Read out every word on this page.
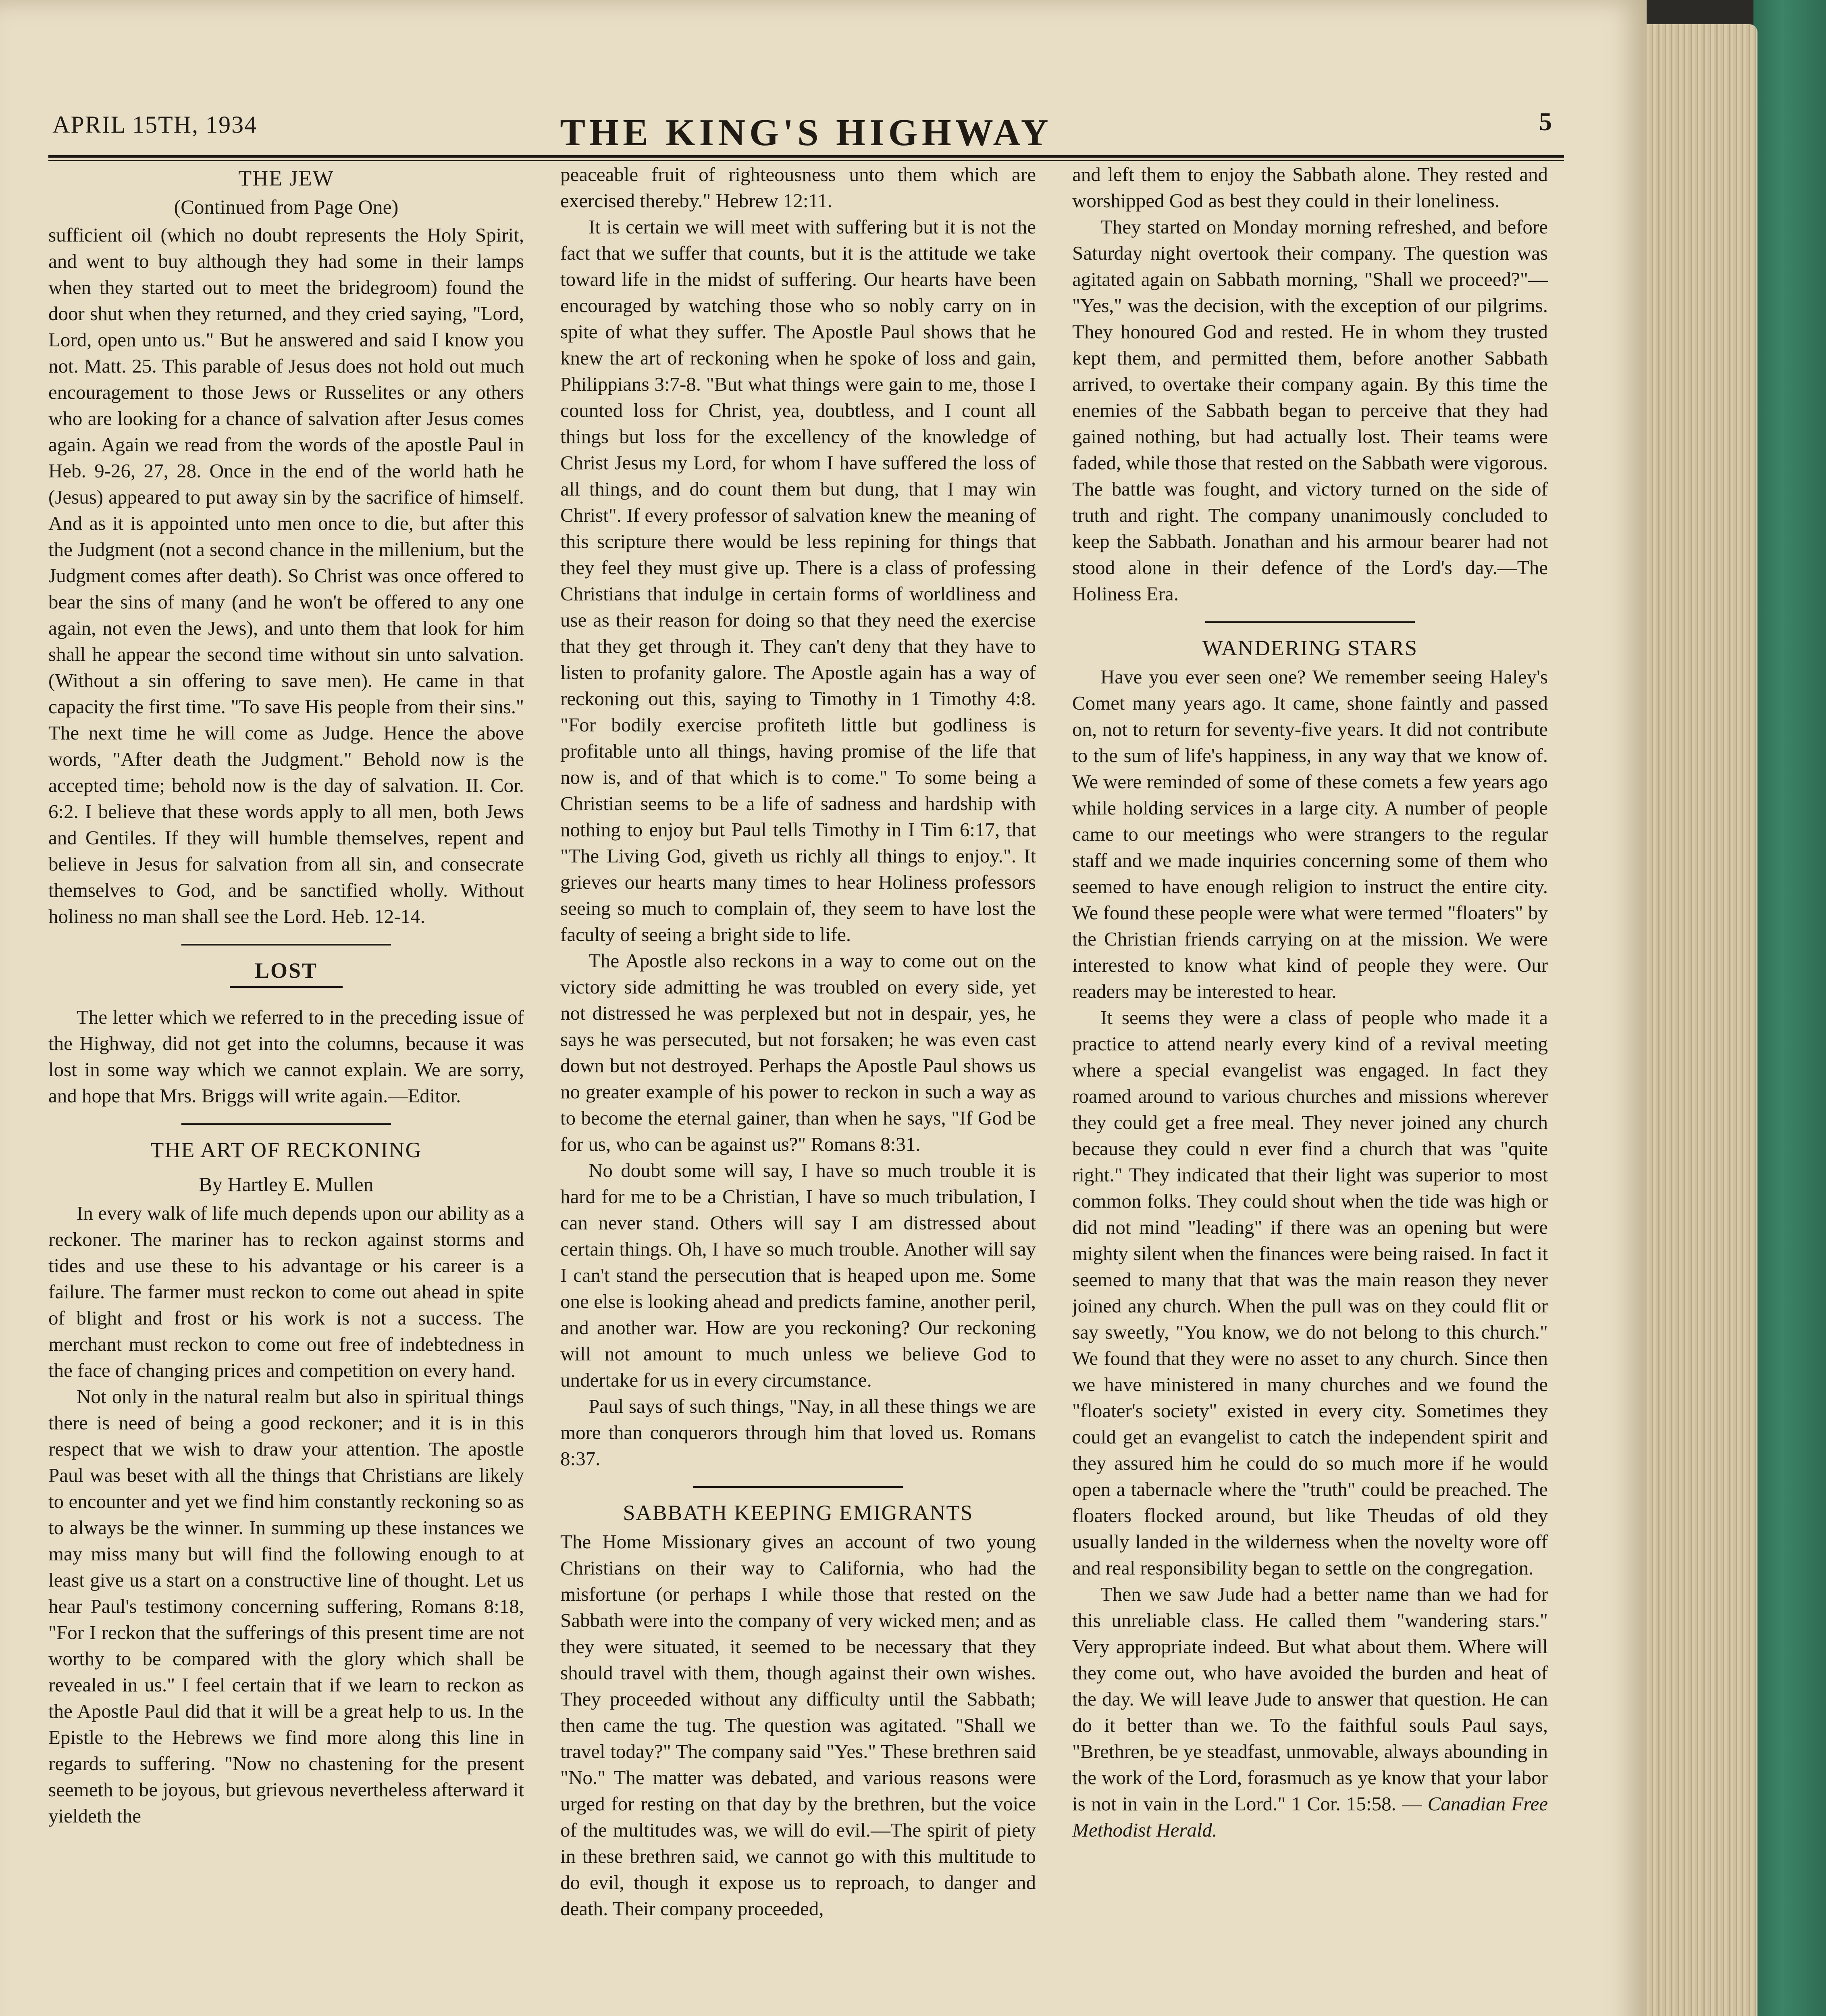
APRIL 15TH, 1934	THE KING'S HIGHWAY	5
THE JEW
(Continued from Page One)

sufficient oil (which no doubt represents the Holy Spirit, and went to buy although they had some in their lamps when they started out to meet the bridegroom) found the door shut when they returned, and they cried saying, "Lord, Lord, open unto us." But he answered and said I know you not. Matt. 25. This parable of Jesus does not hold out much encouragement to those Jews or Russelites or any others who are looking for a chance of salvation after Jesus comes again. Again we read from the words of the apostle Paul in Heb. 9-26, 27, 28. Once in the end of the world hath he (Jesus) appeared to put away sin by the sacrifice of himself. And as it is appointed unto men once to die, but after this the Judgment (not a second chance in the millenium, but the Judgment comes after death). So Christ was once offered to bear the sins of many (and he won't be offered to any one again, not even the Jews), and unto them that look for him shall he appear the second time without sin unto salvation. (Without a sin offering to save men). He came in that capacity the first time. "To save His people from their sins." The next time he will come as Judge. Hence the above words, "After death the Judgment." Behold now is the accepted time; behold now is the day of salvation. II. Cor. 6:2. I believe that these words apply to all men, both Jews and Gentiles. If they will humble themselves, repent and believe in Jesus for salvation from all sin, and consecrate themselves to God, and be sanctified wholly. Without holiness no man shall see the Lord. Heb. 12-14.

LOST

The letter which we referred to in the preceding issue of the Highway, did not get into the columns, because it was lost in some way which we cannot explain. We are sorry, and hope that Mrs. Briggs will write again.—Editor.

THE ART OF RECKONING
By Hartley E. Mullen

In every walk of life much depends upon our ability as a reckoner. The mariner has to reckon against storms and tides and use these to his advantage or his career is a failure. The farmer must reckon to come out ahead in spite of blight and frost or his work is not a success. The merchant must reckon to come out free of indebtedness in the face of changing prices and competition on every hand.

Not only in the natural realm but also in spiritual things there is need of being a good reckoner; and it is in this respect that we wish to draw your attention. The apostle Paul was beset with all the things that Christians are likely to encounter and yet we find him constantly reckoning so as to always be the winner. In summing up these instances we may miss many but will find the following enough to at least give us a start on a constructive line of thought. Let us hear Paul's testimony concerning suffering, Romans 8:18, "For I reckon that the sufferings of this present time are not worthy to be compared with the glory which shall be revealed in us." I feel certain that if we learn to reckon as the Apostle Paul did that it will be a great help to us. In the Epistle to the Hebrews we find more along this line in regards to suffering. "Now no chastening for the present seemeth to be joyous, but grievous nevertheless afterward it yieldeth the

peaceable fruit of righteousness unto them which are exercised thereby." Hebrew 12:11.

It is certain we will meet with suffering but it is not the fact that we suffer that counts, but it is the attitude we take toward life in the midst of suffering. Our hearts have been encouraged by watching those who so nobly carry on in spite of what they suffer. The Apostle Paul shows that he knew the art of reckoning when he spoke of loss and gain, Philippians 3:7-8. "But what things were gain to me, those I counted loss for Christ, yea, doubtless, and I count all things but loss for the excellency of the knowledge of Christ Jesus my Lord, for whom I have suffered the loss of all things, and do count them but dung, that I may win Christ". If every professor of salvation knew the meaning of this scripture there would be less repining for things that they feel they must give up. There is a class of professing Christians that indulge in certain forms of worldliness and use as their reason for doing so that they need the exercise that they get through it. They can't deny that they have to listen to profanity galore. The Apostle again has a way of reckoning out this, saying to Timothy in 1 Timothy 4:8. "For bodily exercise profiteth little but godliness is profitable unto all things, having promise of the life that now is, and of that which is to come." To some being a Christian seems to be a life of sadness and hardship with nothing to enjoy but Paul tells Timothy in I Tim 6:17, that "The Living God, giveth us richly all things to enjoy.". It grieves our hearts many times to hear Holiness professors seeing so much to complain of, they seem to have lost the faculty of seeing a bright side to life.

The Apostle also reckons in a way to come out on the victory side admitting he was troubled on every side, yet not distressed he was perplexed but not in despair, yes, he says he was persecuted, but not forsaken; he was even cast down but not destroyed. Perhaps the Apostle Paul shows us no greater example of his power to reckon in such a way as to become the eternal gainer, than when he says, "If God be for us, who can be against us?" Romans 8:31.

No doubt some will say, I have so much trouble it is hard for me to be a Christian, I have so much tribulation, I can never stand. Others will say I am distressed about certain things. Oh, I have so much trouble. Another will say I can't stand the persecution that is heaped upon me. Some one else is looking ahead and predicts famine, another peril, and another war. How are you reckoning? Our reckoning will not amount to much unless we believe God to undertake for us in every circumstance.

Paul says of such things, "Nay, in all these things we are more than conquerors through him that loved us. Romans 8:37.

SABBATH KEEPING EMIGRANTS

The Home Missionary gives an account of two young Christians on their way to California, who had the misfortune (or perhaps I while those that rested on the Sabbath were into the company of very wicked men; and as they were situated, it seemed to be necessary that they should travel with them, though against their own wishes. They proceeded without any difficulty until the Sabbath; then came the tug. The question was agitated. "Shall we travel today?" The company said "Yes." These brethren said "No." The matter was debated, and various reasons were urged for resting on that day by the brethren, but the voice of the multitudes was, we will do evil.—The spirit of piety in these brethren said, we cannot go with this multitude to do evil, though it expose us to reproach, to danger and death. Their company proceeded,

and left them to enjoy the Sabbath alone. They rested and worshipped God as best they could in their loneliness.

They started on Monday morning refreshed, and before Saturday night overtook their company. The question was agitated again on Sabbath morning, "Shall we proceed?"— "Yes," was the decision, with the exception of our pilgrims. They honoured God and rested. He in whom they trusted kept them, and permitted them, before another Sabbath arrived, to overtake their company again. By this time the enemies of the Sabbath began to perceive that they had gained nothing, but had actually lost. Their teams were faded, while those that rested on the Sabbath were vigorous. The battle was fought, and victory turned on the side of truth and right. The company unanimously concluded to keep the Sabbath. Jonathan and his armour bearer had not stood alone in their defence of the Lord's day.—The Holiness Era.

WANDERING STARS

Have you ever seen one? We remember seeing Haley's Comet many years ago. It came, shone faintly and passed on, not to return for seventy-five years. It did not contribute to the sum of life's happiness, in any way that we know of. We were reminded of some of these comets a few years ago while holding services in a large city. A number of people came to our meetings who were strangers to the regular staff and we made inquiries concerning some of them who seemed to have enough religion to instruct the entire city. We found these people were what were termed "floaters" by the Christian friends carrying on at the mission. We were interested to know what kind of people they were. Our readers may be interested to hear.

It seems they were a class of people who made it a practice to attend nearly every kind of a revival meeting where a special evangelist was engaged. In fact they roamed around to various churches and missions wherever they could get a free meal. They never joined any church because they could n ever find a church that was "quite right." They indicated that their light was superior to most common folks. They could shout when the tide was high or did not mind "leading" if there was an opening but were mighty silent when the finances were being raised. In fact it seemed to many that that was the main reason they never joined any church. When the pull was on they could flit or say sweetly, "You know, we do not belong to this church." We found that they were no asset to any church. Since then we have ministered in many churches and we found the "floater's society" existed in every city. Sometimes they could get an evangelist to catch the independent spirit and they assured him he could do so much more if he would open a tabernacle where the "truth" could be preached. The floaters flocked around, but like Theudas of old they usually landed in the wilderness when the novelty wore off and real responsibility began to settle on the congregation.

Then we saw Jude had a better name than we had for this unreliable class. He called them "wandering stars." Very appropriate indeed. But what about them. Where will they come out, who have avoided the burden and heat of the day. We will leave Jude to answer that question. He can do it better than we. To the faithful souls Paul says, "Brethren, be ye steadfast, unmovable, always abounding in the work of the Lord, forasmuch as ye know that your labor is not in vain in the Lord." 1 Cor. 15:58. — Canadian Free Methodist Herald.
